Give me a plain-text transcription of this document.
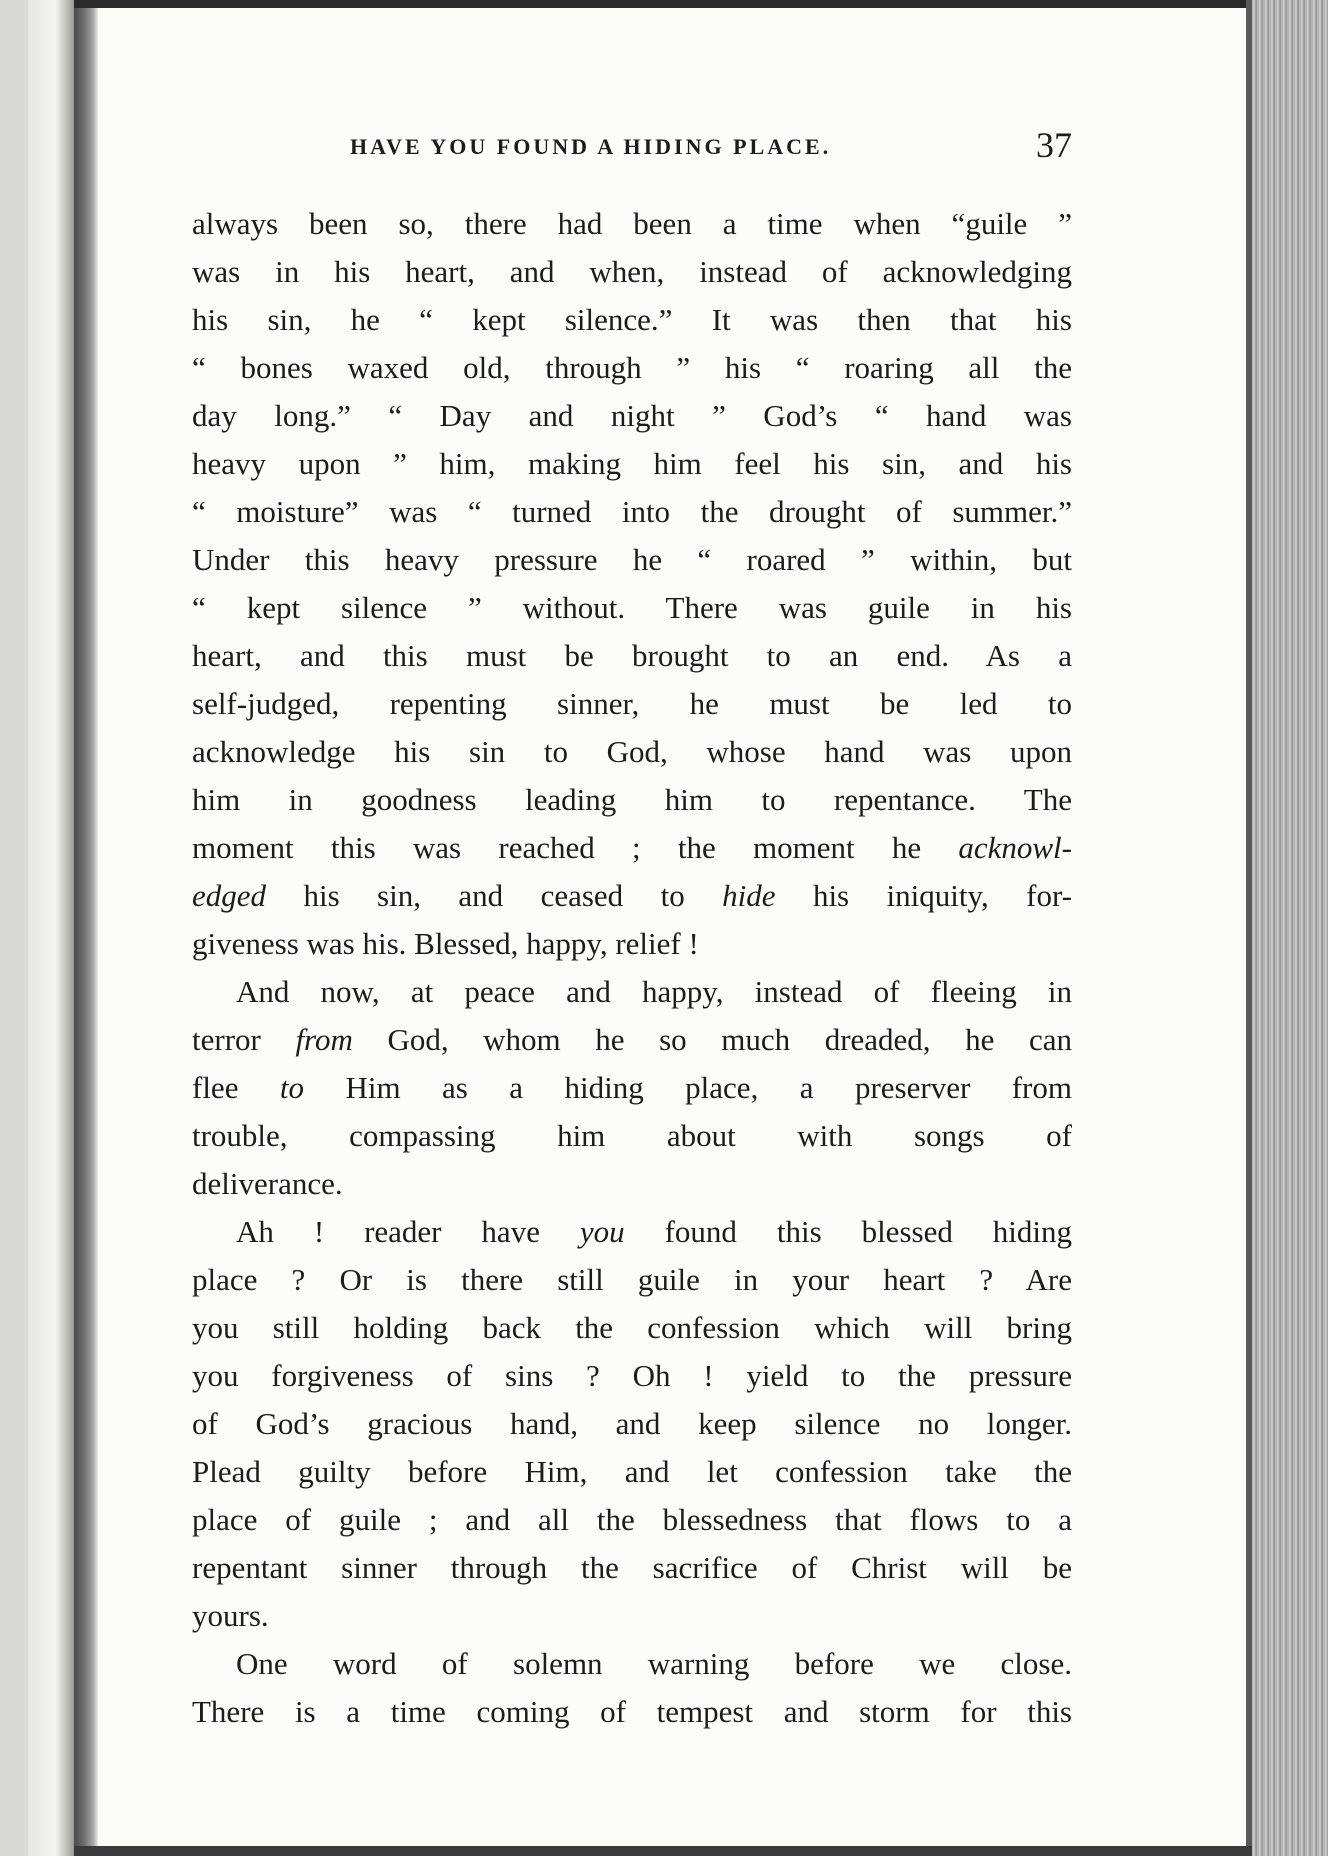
HAVE YOU FOUND A HIDING PLACE.	37
always been so, there had been a time when “guile ”
was in his heart, and when, instead of acknowledging
his sin, he “ kept silence.” It was then that his
“ bones waxed old, through ” his “ roaring all the
day long.” “ Day and night ” God’s “ hand was
heavy upon ” him, making him feel his sin, and his
“ moisture” was “ turned into the drought of summer.”
Under this heavy pressure he “ roared ” within, but
“ kept silence ” without. There was guile in his
heart, and this must be brought to an end. As a
self-judged, repenting sinner, he must be led to
acknowledge his sin to God, whose hand was upon
him in goodness leading him to repentance. The
moment this was reached ; the moment he acknowl-
edged his sin, and ceased to hide his iniquity, for-
giveness was his. Blessed, happy, relief !
And now, at peace and happy, instead of fleeing in
terror from God, whom he so much dreaded, he can
flee to Him as a hiding place, a preserver from
trouble, compassing him about with songs of
deliverance.
Ah ! reader have you found this blessed hiding
place ? Or is there still guile in your heart ? Are
you still holding back the confession which will bring
you forgiveness of sins ? Oh ! yield to the pressure
of God’s gracious hand, and keep silence no longer.
Plead guilty before Him, and let confession take the
place of guile ; and all the blessedness that flows to a
repentant sinner through the sacrifice of Christ will be
yours.
One word of solemn warning before we close.
There is a time coming of tempest and storm for this
